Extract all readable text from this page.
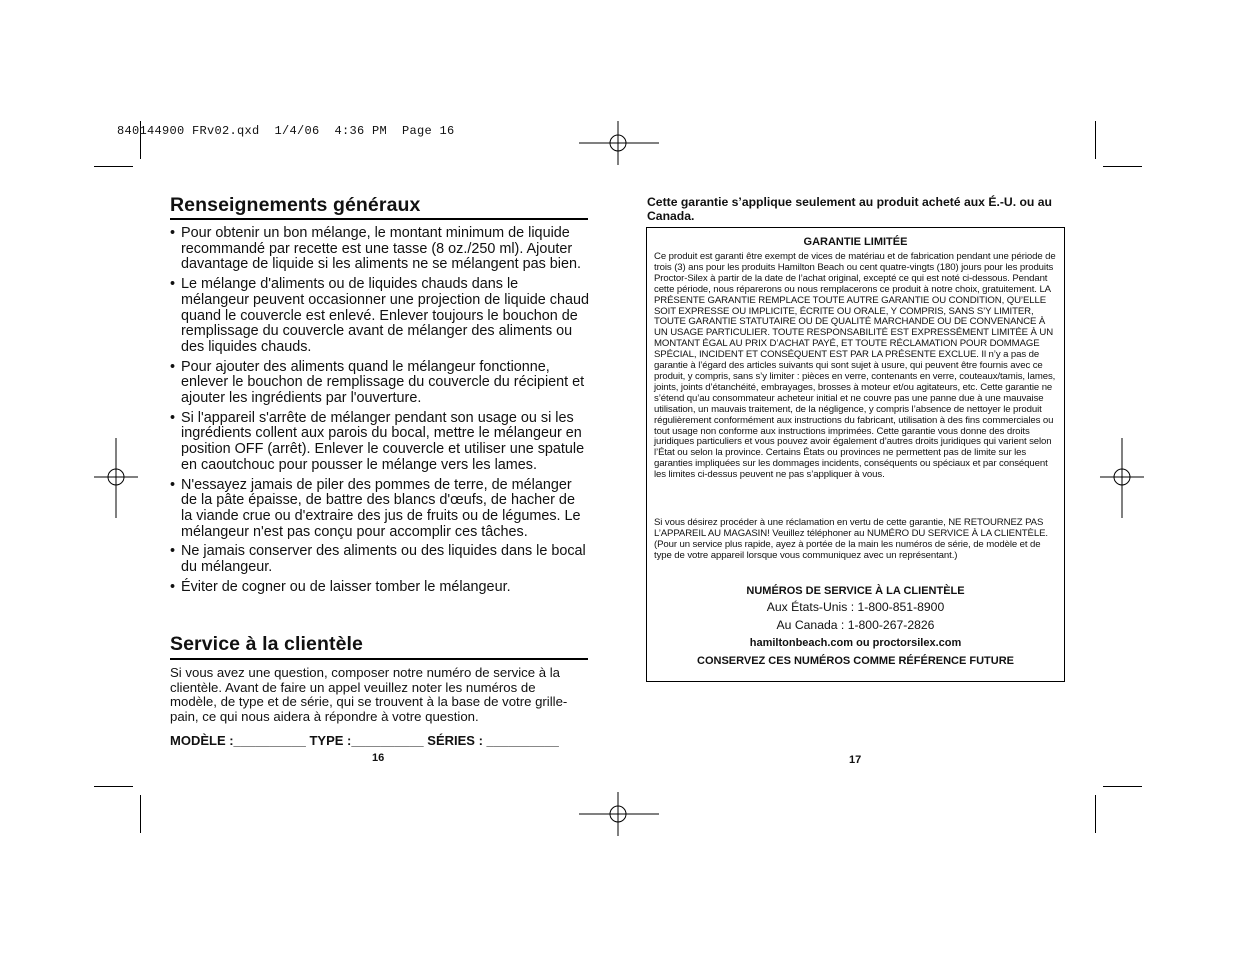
840144900 FRv02.qxd  1/4/06  4:36 PM  Page 16
Renseignements généraux
• Pour obtenir un bon mélange, le montant minimum de liquide recommandé par recette est une tasse (8 oz./250 ml). Ajouter davantage de liquide si les aliments ne se mélangent pas bien.
• Le mélange d'aliments ou de liquides chauds dans le mélangeur peuvent occasionner une projection de liquide chaud quand le couvercle est enlevé. Enlever toujours le bouchon de remplissage du couvercle avant de mélanger des aliments ou des liquides chauds.
• Pour ajouter des aliments quand le mélangeur fonctionne, enlever le bouchon de remplissage du couvercle du récipient et ajouter les ingrédients par l'ouverture.
• Si l'appareil s'arrête de mélanger pendant son usage ou si les ingrédients collent aux parois du bocal, mettre le mélangeur en position OFF (arrêt). Enlever le couvercle et utiliser une spatule en caoutchouc pour pousser le mélange vers les lames.
• N'essayez jamais de piler des pommes de terre, de mélanger de la pâte épaisse, de battre des blancs d'œufs, de hacher de la viande crue ou d'extraire des jus de fruits ou de légumes. Le mélangeur n'est pas conçu pour accomplir ces tâches.
• Ne jamais conserver des aliments ou des liquides dans le bocal du mélangeur.
• Éviter de cogner ou de laisser tomber le mélangeur.
Service à la clientèle
Si vous avez une question, composer notre numéro de service à la clientèle. Avant de faire un appel veuillez noter les numéros de modèle, de type et de série, qui se trouvent à la base de votre grille-pain, ce qui nous aidera à répondre à votre question.
MODÈLE :__________ TYPE :__________ SÉRIES : __________
16
Cette garantie s’applique seulement au produit acheté aux É.-U. ou au Canada.
GARANTIE LIMITÉE
Ce produit est garanti être exempt de vices de matériau et de fabrication pendant une période de trois (3) ans pour les produits Hamilton Beach ou cent quatre-vingts (180) jours pour les produits Proctor-Silex à partir de la date de l’achat original, excepté ce qui est noté ci-dessous. Pendant cette période, nous réparerons ou nous remplacerons ce produit à notre choix, gratuitement. LA PRÉSENTE GARANTIE REMPLACE TOUTE AUTRE GARANTIE OU CONDITION, QU’ELLE SOIT EXPRESSE OU IMPLICITE, ÉCRITE OU ORALE, Y COMPRIS, SANS S’Y LIMITER, TOUTE GARANTIE STATUTAIRE OU DE QUALITÉ MARCHANDE OU DE CONVENANCE À UN USAGE PARTICULIER. TOUTE RESPONSABILITÉ EST EXPRESSÉMENT LIMITÉE À UN MONTANT ÉGAL AU PRIX D’ACHAT PAYÉ, ET TOUTE RÉCLAMATION POUR DOMMAGE SPÉCIAL, INCIDENT ET CONSÉQUENT EST PAR LA PRÉSENTE EXCLUE. Il n’y a pas de garantie à l’égard des articles suivants qui sont sujet à usure, qui peuvent être fournis avec ce produit, y compris, sans s’y limiter : pièces en verre, contenants en verre, couteaux/tamis, lames, joints, joints d’étanchéité, embrayages, brosses à moteur et/ou agitateurs, etc. Cette garantie ne s’étend qu’au consommateur acheteur initial et ne couvre pas une panne due à une mauvaise utilisation, un mauvais traitement, de la négligence, y compris l’absence de nettoyer le produit régulièrement conformément aux instructions du fabricant, utilisation à des fins commerciales ou tout usage non conforme aux instructions imprimées. Cette garantie vous donne des droits juridiques particuliers et vous pouvez avoir également d’autres droits juridiques qui varient selon l’État ou selon la province. Certains États ou provinces ne permettent pas de limite sur les garanties impliquées sur les dommages incidents, conséquents ou spéciaux et par conséquent les limites ci-dessus peuvent ne pas s’appliquer à vous.
Si vous désirez procéder à une réclamation en vertu de cette garantie, NE RETOURNEZ PAS L’APPAREIL AU MAGASIN! Veuillez téléphoner au NUMÉRO DU SERVICE À LA CLIENTÈLE. (Pour un service plus rapide, ayez à portée de la main les numéros de série, de modèle et de type de votre appareil lorsque vous communiquez avec un représentant.)
NUMÉROS DE SERVICE À LA CLIENTÈLE
Aux États-Unis : 1-800-851-8900
Au Canada : 1-800-267-2826
hamiltonbeach.com ou proctorsilex.com
CONSERVEZ CES NUMÉROS COMME RÉFÉRENCE FUTURE
17
